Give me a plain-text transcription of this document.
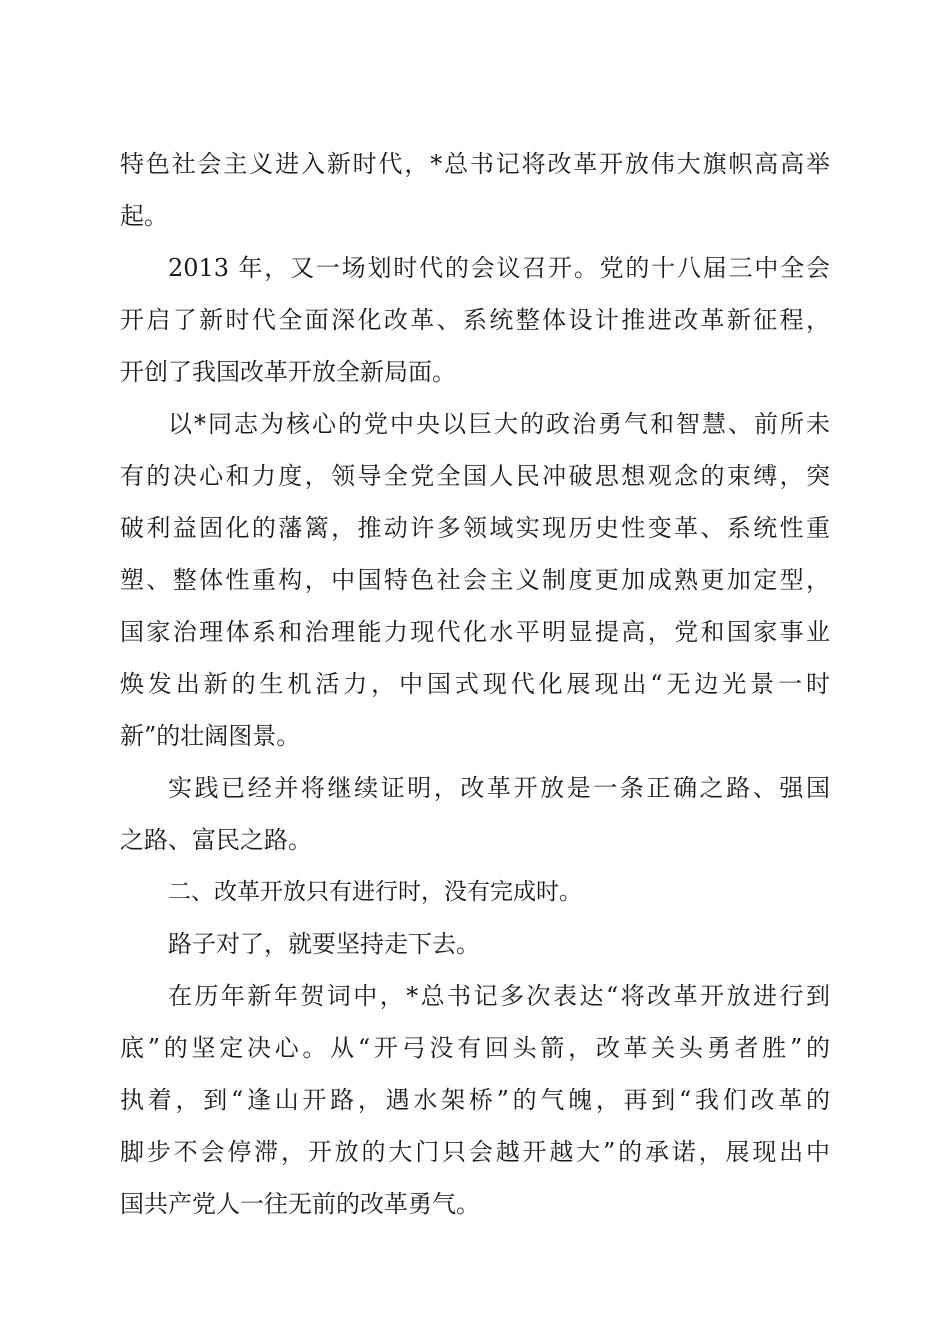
特色社会主义进入新时代，*总书记将改革开放伟大旗帜高高举
起。
2013 年，又一场划时代的会议召开。党的十八届三中全会
开启了新时代全面深化改革、系统整体设计推进改革新征程，
开创了我国改革开放全新局面。
以*同志为核心的党中央以巨大的政治勇气和智慧、前所未
有的决心和力度，领导全党全国人民冲破思想观念的束缚，突
破利益固化的藩篱，推动许多领域实现历史性变革、系统性重
塑、整体性重构，中国特色社会主义制度更加成熟更加定型，
国家治理体系和治理能力现代化水平明显提高，党和国家事业
焕发出新的生机活力，中国式现代化展现出“无边光景一时
新”的壮阔图景。
实践已经并将继续证明，改革开放是一条正确之路、强国
之路、富民之路。
二、改革开放只有进行时，没有完成时。
路子对了，就要坚持走下去。
在历年新年贺词中，*总书记多次表达“将改革开放进行到
底”的坚定决心。从“开弓没有回头箭，改革关头勇者胜”的
执着，到“逢山开路，遇水架桥”的气魄，再到“我们改革的
脚步不会停滞，开放的大门只会越开越大”的承诺，展现出中
国共产党人一往无前的改革勇气。
